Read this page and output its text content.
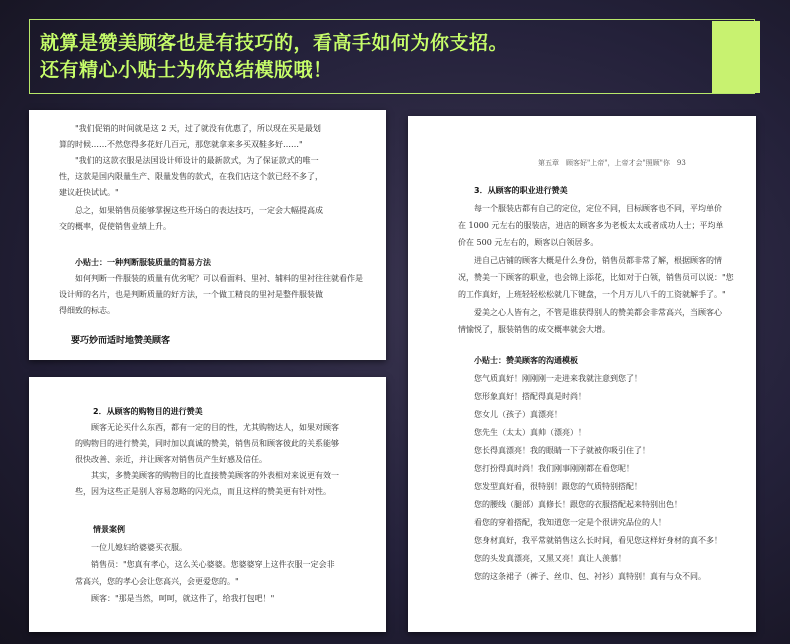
就算是赞美顾客也是有技巧的，看高手如何为你支招。
还有精心小贴士为你总结模版哦！
"我们促销的时间就是这 2 天，过了就没有优惠了，所以现在买是最划
算的时候……不然您得多花好几百元，那您就拿来多买双鞋多好……"
"我们的这款衣服是法国设计师设计的最新款式，为了保证款式的唯一
性，这款是国内限量生产、限量发售的款式，在我们店这个款已经不多了，
建议赶快试试。"
总之，如果销售员能够掌握这些开场白的表达技巧，一定会大幅提高成
交的概率，促使销售业绩上升。
小贴士：一种判断服装质量的简易方法
如何判断一件服装的质量有优劣呢？可以看面料、里衬、辅料的里衬往往就看作是
设计师的名片，也是判断质量的好方法，一个做工精良的里衬是整件服装做
得细致的标志。
要巧妙而适时地赞美顾客
2．从顾客的购物目的进行赞美
顾客无论买什么东西，都有一定的目的性，尤其购物达人，如果对顾客
的购物目的进行赞美，同时加以真诚的赞美，销售员和顾客彼此的关系能够
很快改善、亲近，并让顾客对销售员产生好感及信任。
其实，多赞美顾客的购物目的比直接赞美顾客的外表相对来说更有效一
些，因为这些正是别人容易忽略的闪光点，而且这样的赞美更有针对性。
情景案例
一位儿媳妇给婆婆买衣服。
销售员："您真有孝心，这么关心婆婆。您婆婆穿上这件衣服一定会非
常高兴，您的孝心会让您高兴，会更爱您的。"
顾客："那是当然，呵呵，就这件了，给我打包吧！"
第五章　顾客好"上帝"，上帝才会"照顾"你　93
3．从顾客的职业进行赞美
每一个服装店都有自己的定位，定位不同，目标顾客也不同，平均单价
在 1000 元左右的服装店，进店的顾客多为老板太太或者成功人士；平均单
价在 500 元左右的，顾客以白领居多。
进自己店铺的顾客大概是什么身份，销售员都非常了解，根据顾客的情
况，赞美一下顾客的职业，也会锦上添花，比如对于白领，销售员可以说："您
的工作真好，上班轻轻松松就几下键盘，一个月万儿八千的工资就解手了。"
爱美之心人皆有之，不管是谁获得别人的赞美都会非常高兴，当顾客心
情愉悦了，服装销售的成交概率就会大增。
小贴士：赞美顾客的沟通模板
您气质真好！刚刚刚一走进来我就注意到您了！
您形象真好！搭配得真是时尚！
您女儿（孩子）真漂亮！
您先生（太太）真帅（漂亮）！
您长得真漂亮！我的眼睛一下子就被你吸引住了！
您打扮得真时尚！我们刚事刚刚都在看您呢！
您发型真好看，很特别！跟您的气质特别搭配！
您的腰线（腿部）真修长！跟您的衣服搭配起来特别出色！
看您的穿着搭配，我知道您一定是个很讲究品位的人！
您身材真好，我平常就销售这么长时间，看见您这样好身材的真不多！
您的头发真漂亮，又黑又亮！真让人羡慕！
您的这条裙子（裤子、丝巾、包、衬衫）真特别！真有与众不同。
